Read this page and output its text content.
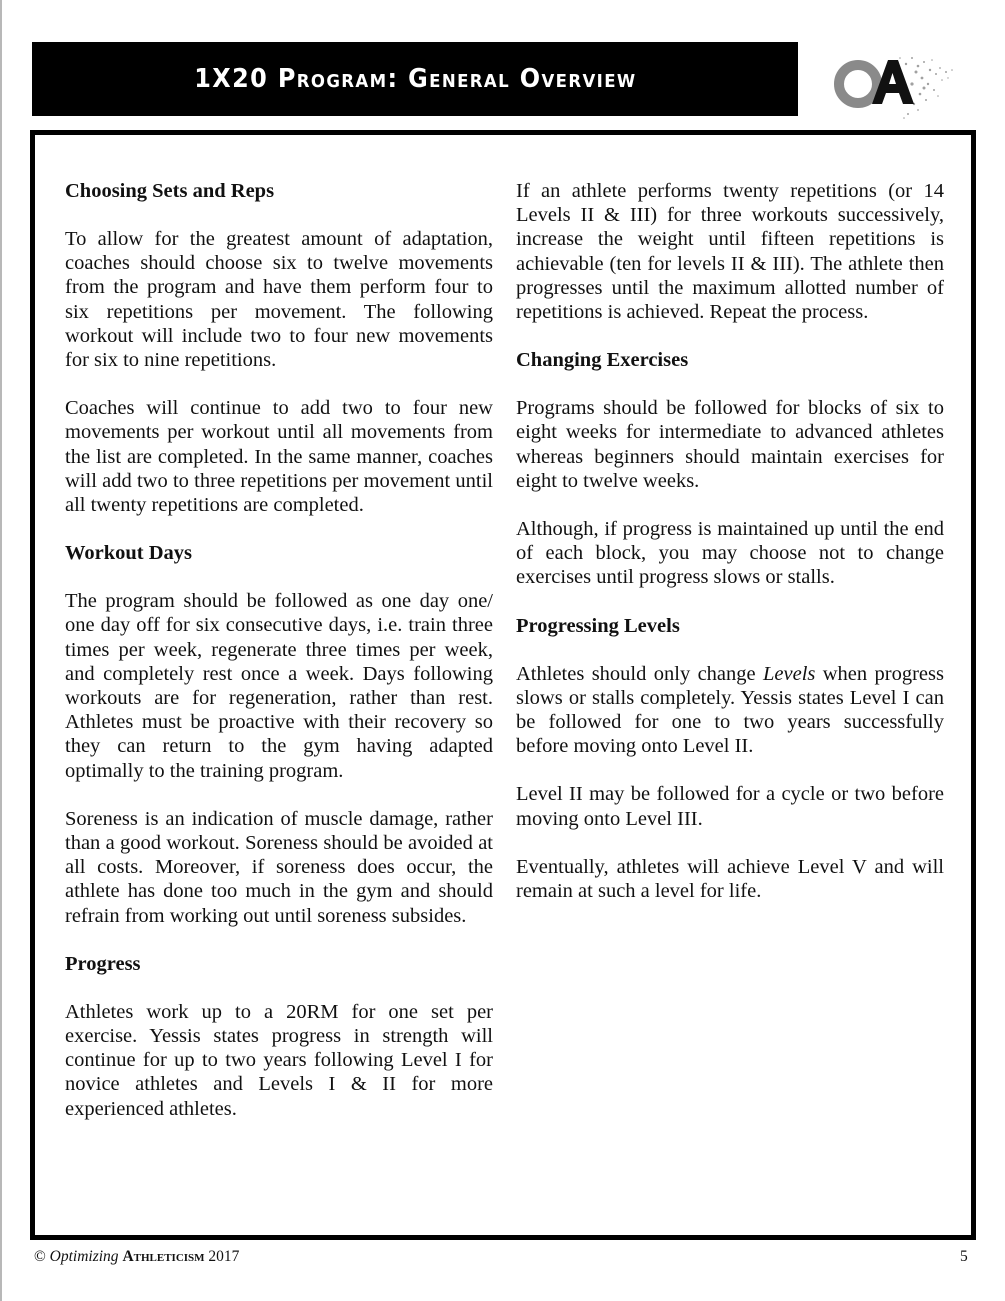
1X20 Program: General Overview
Choosing Sets and Reps

To allow for the greatest amount of adaptation, coaches should choose six to twelve movements from the program and have them perform four to six repetitions per movement. The following workout will include two to four new movements for six to nine repetitions.

Coaches will continue to add two to four new movements per workout until all movements from the list are completed. In the same manner, coaches will add two to three repetitions per movement until all twenty repetitions are completed.

Workout Days

The program should be followed as one day one/ one day off for six consecutive days, i.e. train three times per week, regenerate three times per week, and completely rest once a week. Days following workouts are for regeneration, rather than rest. Athletes must be proactive with their recovery so they can return to the gym having adapted optimally to the training program.

Soreness is an indication of muscle damage, rather than a good workout. Soreness should be avoided at all costs. Moreover, if soreness does occur, the athlete has done too much in the gym and should refrain from working out until soreness subsides.

Progress

Athletes work up to a 20RM for one set per exercise. Yessis states progress in strength will continue for up to two years following Level I for novice athletes and Levels I & II for more experienced athletes.

If an athlete performs twenty repetitions (or 14 Levels II & III) for three workouts successively, increase the weight until fifteen repetitions is achievable (ten for levels II & III). The athlete then progresses until the maximum allotted number of repetitions is achieved. Repeat the process.

Changing Exercises

Programs should be followed for blocks of six to eight weeks for intermediate to advanced athletes whereas beginners should maintain exercises for eight to twelve weeks.

Although, if progress is maintained up until the end of each block, you may choose not to change exercises until progress slows or stalls.

Progressing Levels

Athletes should only change Levels when progress slows or stalls completely. Yessis states Level I can be followed for one to two years successfully before moving onto Level II.

Level II may be followed for a cycle or two before moving onto Level III.

Eventually, athletes will achieve Level V and will remain at such a level for life.

© Optimizing Athleticism 2017	5
